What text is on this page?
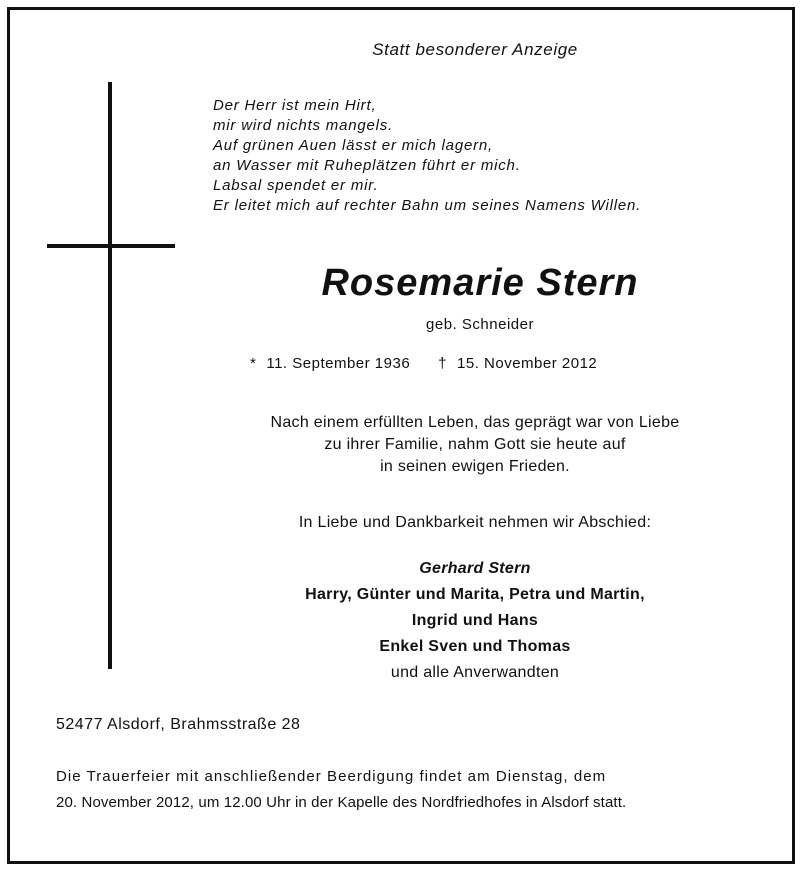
Statt besonderer Anzeige
Der Herr ist mein Hirt,
mir wird nichts mangels.
Auf grünen Auen lässt er mich lagern,
an Wasser mit Ruheplätzen führt er mich.
Labsal spendet er mir.
Er leitet mich auf rechter Bahn um seines Namens Willen.
Rosemarie Stern
geb. Schneider
* 11. September 1936 † 15. November 2012
Nach einem erfüllten Leben, das geprägt war von Liebe
zu ihrer Familie, nahm Gott sie heute auf
in seinen ewigen Frieden.
In Liebe und Dankbarkeit nehmen wir Abschied:
Gerhard Stern
Harry, Günter und Marita, Petra und Martin,
Ingrid und Hans
Enkel Sven und Thomas
und alle Anverwandten
52477 Alsdorf, Brahmsstraße 28
Die Trauerfeier mit anschließender Beerdigung findet am Dienstag, dem
20. November 2012, um 12.00 Uhr in der Kapelle des Nordfriedhofes in Alsdorf statt.
